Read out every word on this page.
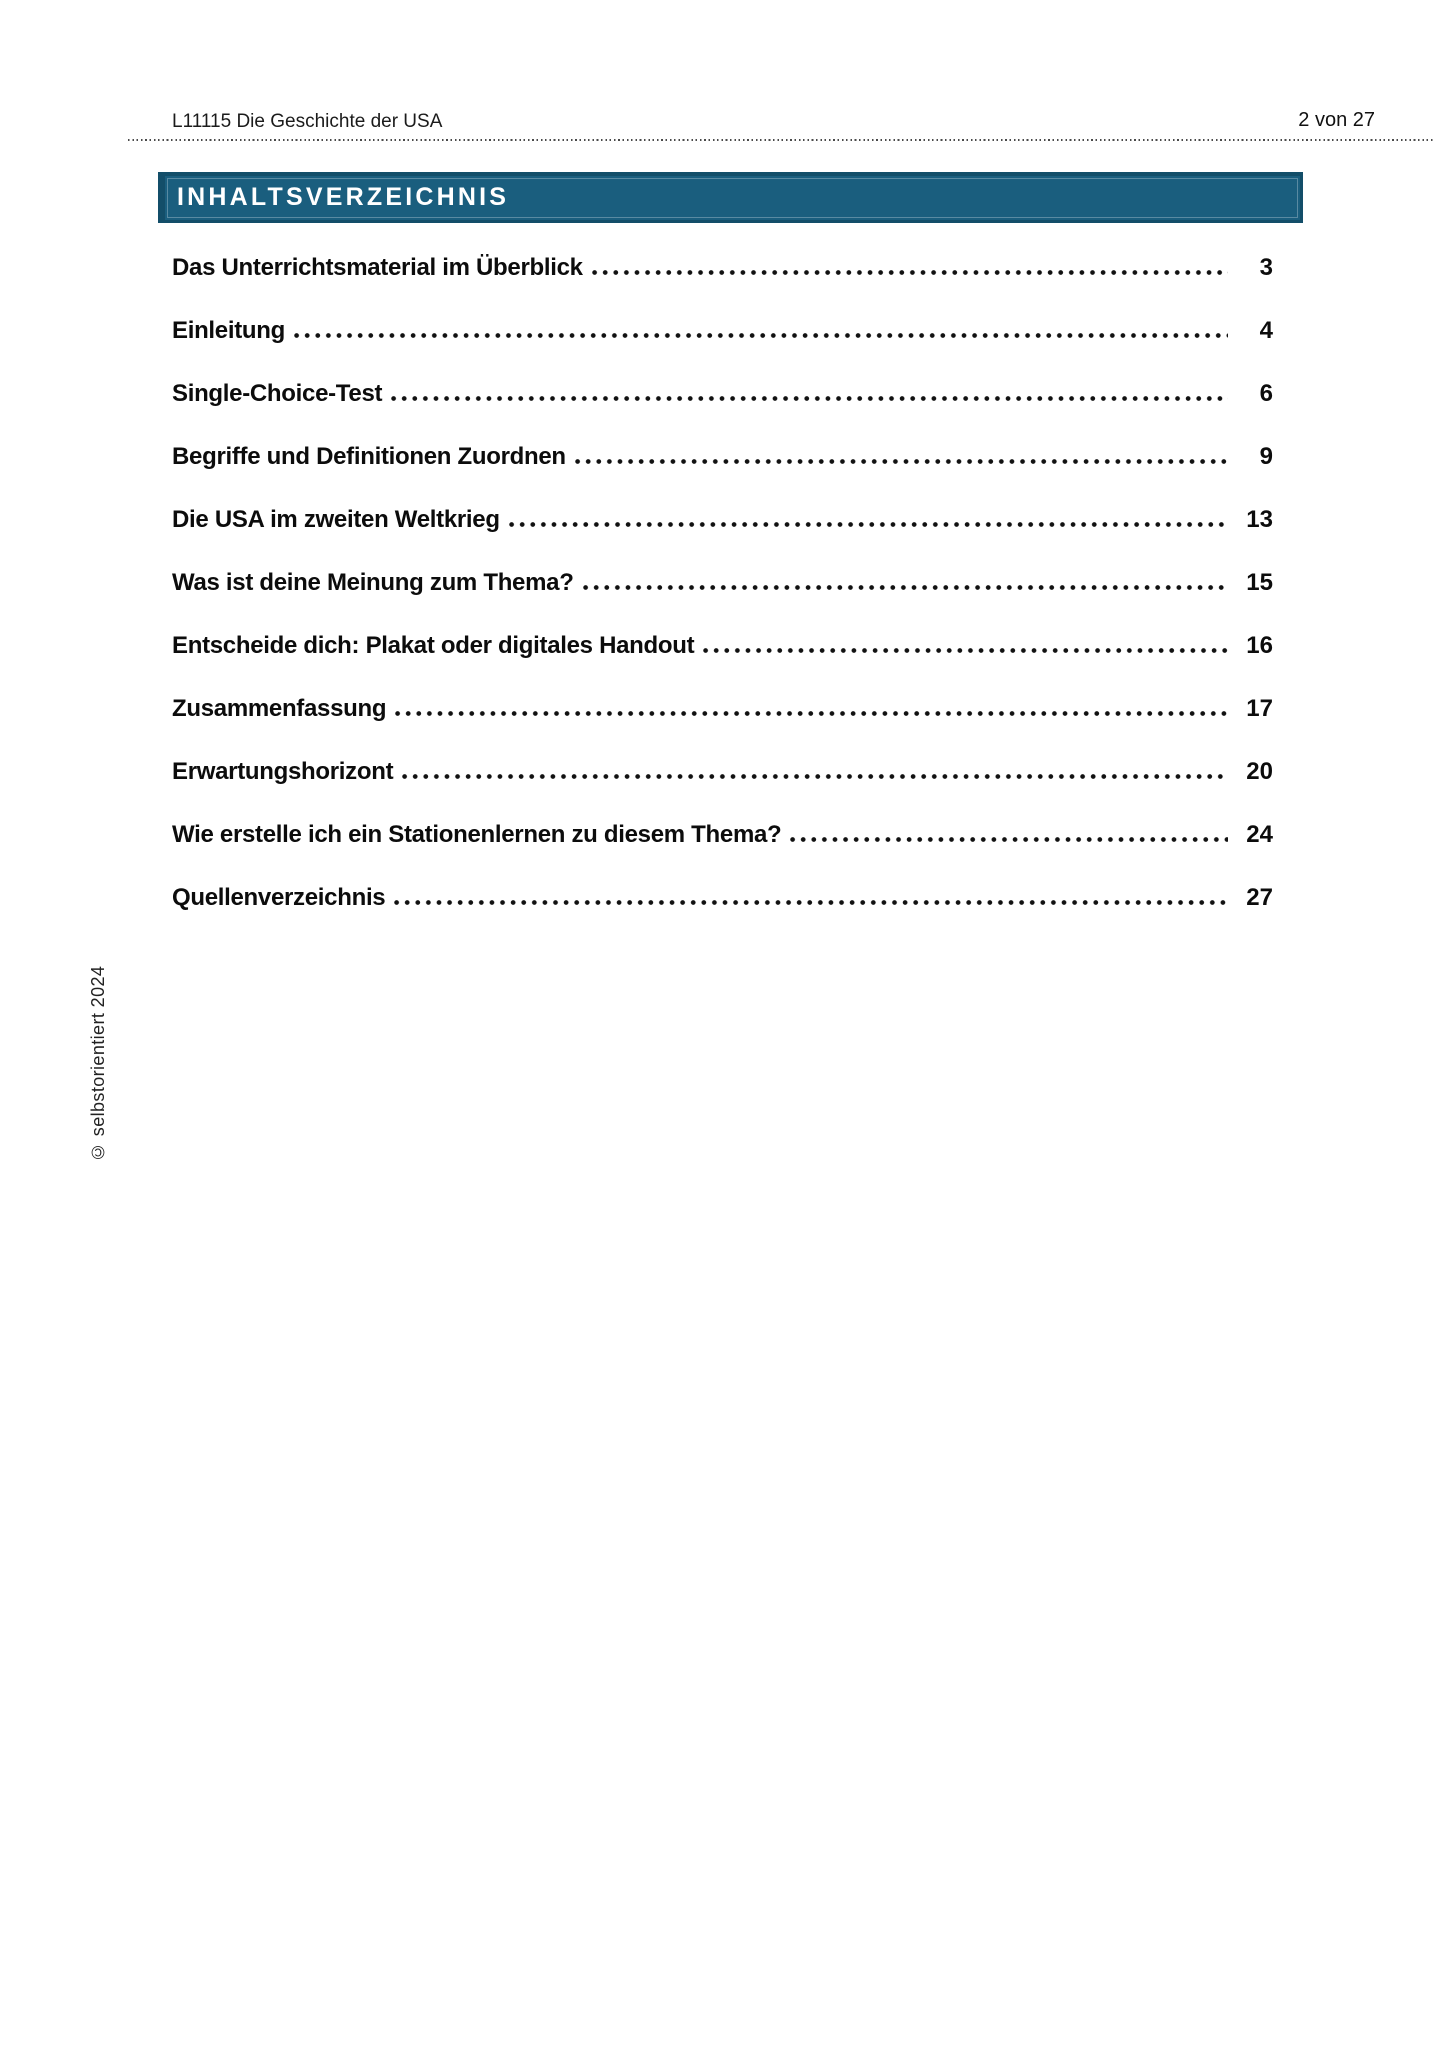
L11115 Die Geschichte der USA	2 von 27
INHALTSVERZEICHNIS
Das Unterrichtsmaterial im Überblick	3
Einleitung	4
Single-Choice-Test	6
Begriffe und Definitionen Zuordnen	9
Die USA im zweiten Weltkrieg	13
Was ist deine Meinung zum Thema?	15
Entscheide dich: Plakat oder digitales Handout	16
Zusammenfassung	17
Erwartungshorizont	20
Wie erstelle ich ein Stationenlernen zu diesem Thema?	24
Quellenverzeichnis	27
© selbstorientiert 2024
